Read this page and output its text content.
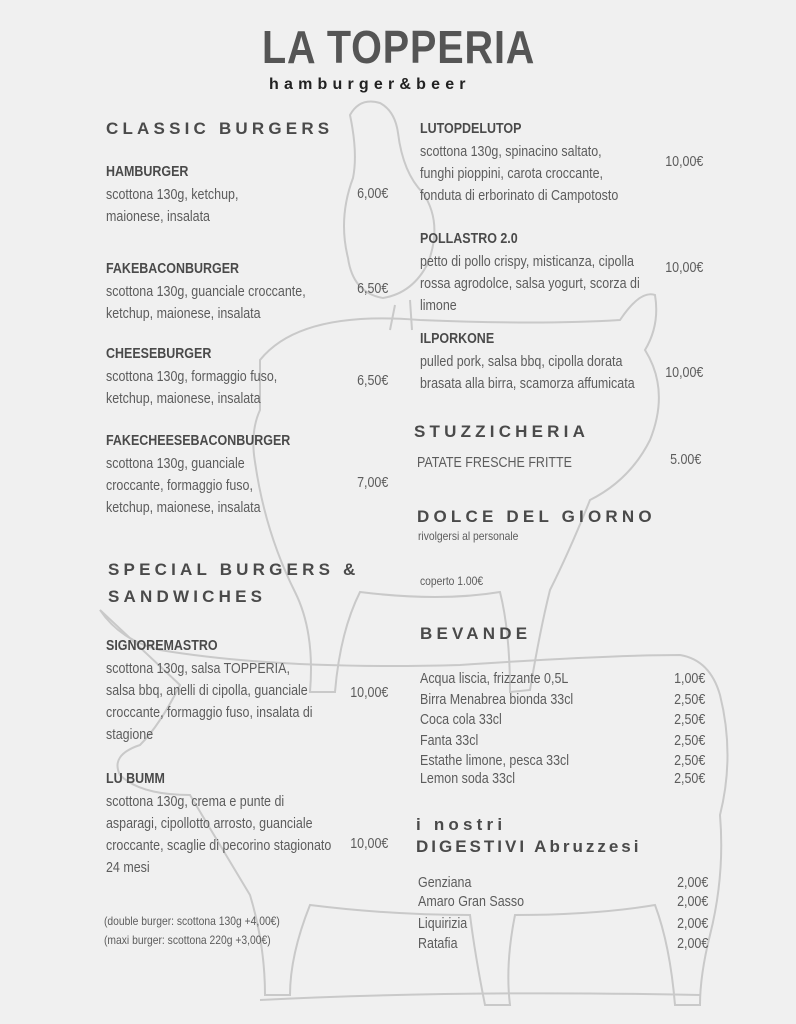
LA TOPPERIA
hamburger&beer
CLASSIC BURGERS
HAMBURGER
scottona 130g, ketchup,
maionese, insalata
6,00€
FAKEBACONBURGER
scottona 130g, guanciale croccante,
ketchup, maionese, insalata
6,50€
CHEESEBURGER
scottona 130g, formaggio fuso,
ketchup, maionese, insalata
6,50€
FAKECHEESEBACONBURGER
scottona 130g, guanciale
croccante, formaggio fuso,
ketchup, maionese, insalata
7,00€
SPECIAL BURGERS &
SANDWICHES
SIGNOREMASTRO
scottona 130g, salsa TOPPERIA,
salsa bbq, anelli di cipolla, guanciale
croccante, formaggio fuso, insalata di
stagione
10,00€
LU BUMM
scottona 130g, crema e punte di
asparagi, cipollotto arrosto, guanciale
croccante, scaglie di pecorino stagionato
24 mesi
10,00€
(double burger: scottona 130g +4,00€)
(maxi burger: scottona 220g +3,00€)
LUTOPDELUTOP
scottona 130g, spinacino saltato,
funghi pioppini, carota croccante,
fonduta di erborinato di Campotosto
10,00€
POLLASTRO 2.0
petto di pollo crispy, misticanza, cipolla
rossa agrodolce, salsa yogurt, scorza di
limone
10,00€
ILPORKONE
pulled pork, salsa bbq, cipolla dorata
brasata alla birra, scamorza affumicata
10,00€
STUZZICHERIA
PATATE FRESCHE FRITTE	5.00€
DOLCE DEL GIORNO
rivolgersi al personale
coperto 1.00€
BEVANDE
Acqua liscia, frizzante 0,5L	1,00€
Birra Menabrea bionda 33cl	2,50€
Coca cola 33cl	2,50€
Fanta 33cl	2,50€
Estathe limone, pesca 33cl	2,50€
Lemon soda 33cl	2,50€
i nostri
DIGESTIVI Abruzzesi
Genziana	2,00€
Amaro Gran Sasso	2,00€
Liquirizia	2,00€
Ratafia	2,00€
